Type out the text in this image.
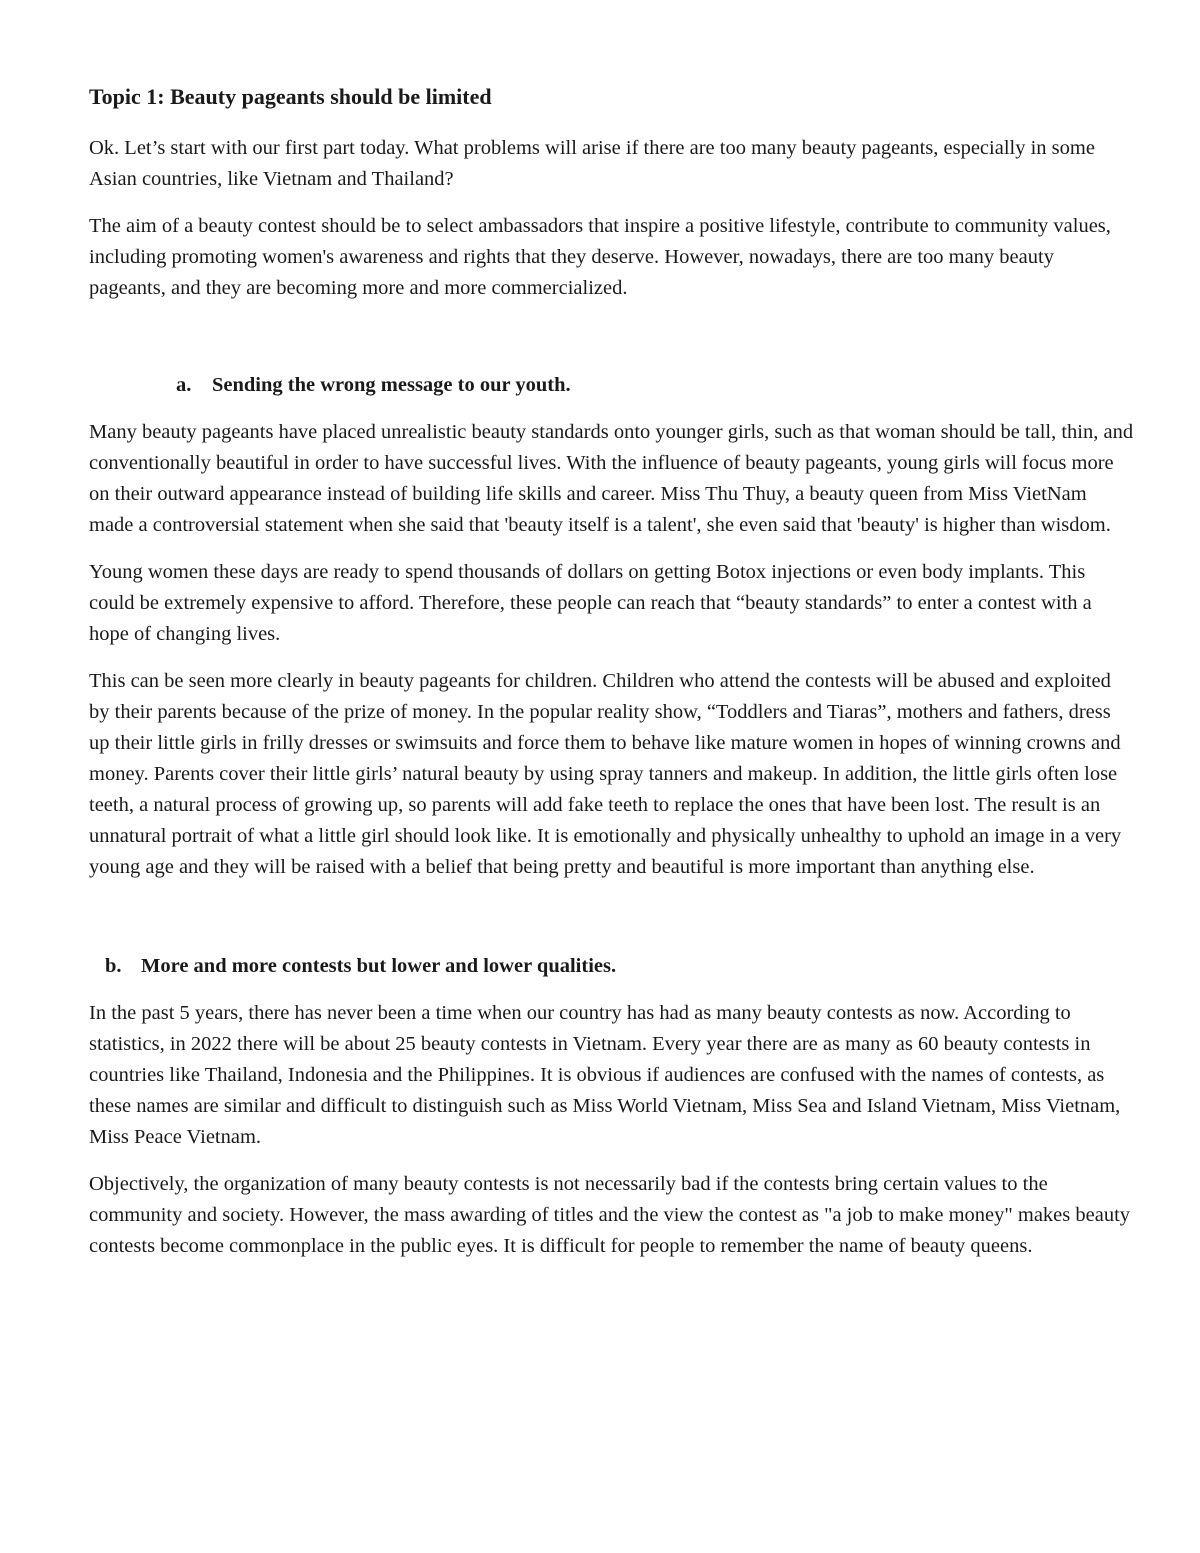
Topic 1: Beauty pageants should be limited

Ok. Let’s start with our first part today. What problems will arise if there are too many beauty pageants, especially in some Asian countries, like Vietnam and Thailand?

The aim of a beauty contest should be to select ambassadors that inspire a positive lifestyle, contribute to community values, including promoting women's awareness and rights that they deserve. However, nowadays, there are too many beauty pageants, and they are becoming more and more commercialized.

a.	Sending the wrong message to our youth.

Many beauty pageants have placed unrealistic beauty standards onto younger girls, such as that woman should be tall, thin, and conventionally beautiful in order to have successful lives. With the influence of beauty pageants, young girls will focus more on their outward appearance instead of building life skills and career. Miss Thu Thuy, a beauty queen from Miss VietNam made a controversial statement when she said that 'beauty itself is a talent', she even said that 'beauty' is higher than wisdom.

Young women these days are ready to spend thousands of dollars on getting Botox injections or even body implants. This could be extremely expensive to afford. Therefore, these people can reach that “beauty standards” to enter a contest with a hope of changing lives.

This can be seen more clearly in beauty pageants for children. Children who attend the contests will be abused and exploited by their parents because of the prize of money. In the popular reality show, “Toddlers and Tiaras”, mothers and fathers, dress up their little girls in frilly dresses or swimsuits and force them to behave like mature women in hopes of winning crowns and money. Parents cover their little girls’ natural beauty by using spray tanners and makeup. In addition, the little girls often lose teeth, a natural process of growing up, so parents will add fake teeth to replace the ones that have been lost. The result is an unnatural portrait of what a little girl should look like. It is emotionally and physically unhealthy to uphold an image in a very young age and they will be raised with a belief that being pretty and beautiful is more important than anything else.

b. More and more contests but lower and lower qualities.

In the past 5 years, there has never been a time when our country has had as many beauty contests as now. According to statistics, in 2022 there will be about 25 beauty contests in Vietnam. Every year there are as many as 60 beauty contests in countries like Thailand, Indonesia and the Philippines. It is obvious if audiences are confused with the names of contests, as these names are similar and difficult to distinguish such as Miss World Vietnam, Miss Sea and Island Vietnam, Miss Vietnam, Miss Peace Vietnam.

Objectively, the organization of many beauty contests is not necessarily bad if the contests bring certain values to the community and society. However, the mass awarding of titles and the view the contest as "a job to make money" makes beauty contests become commonplace in the public eyes. It is difficult for people to remember the name of beauty queens.
